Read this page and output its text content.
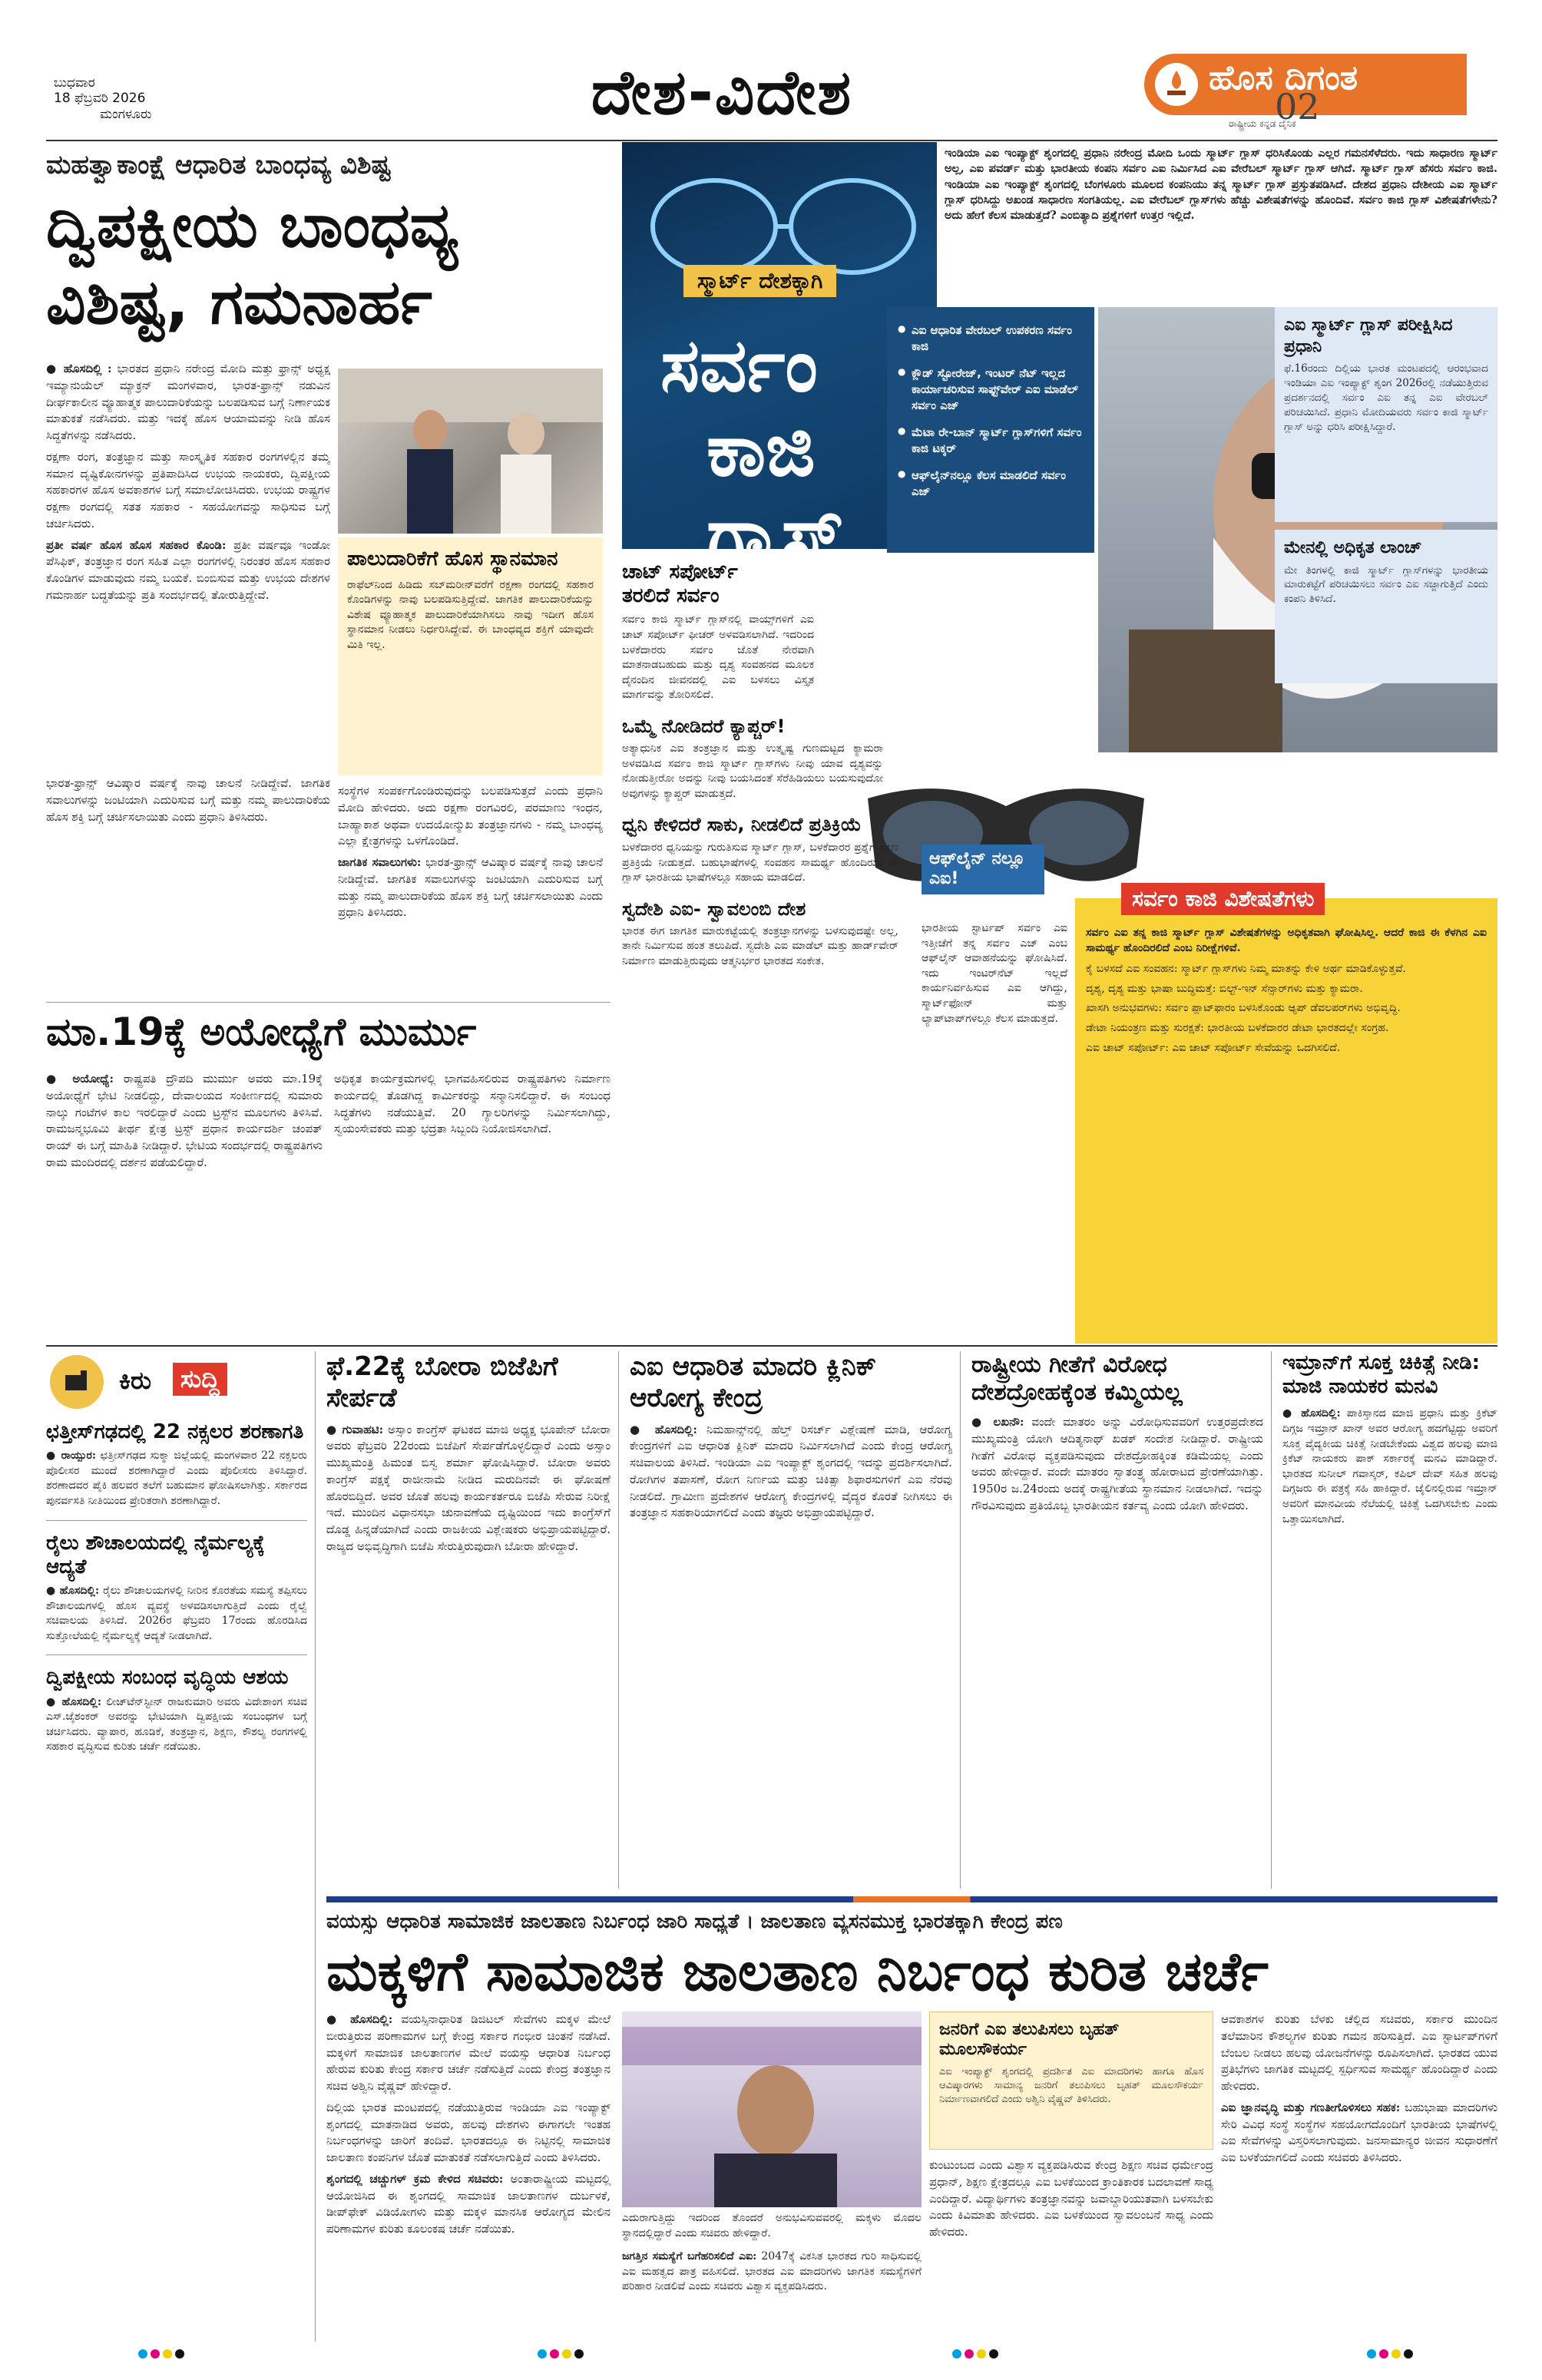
ಬುಧವಾರ
18 ಫೆಬ್ರವರಿ 2026
ಮಂಗಳೂರು	ದೇಶ-ವಿದೇಶ	ಹೊಸ ದಿಗಂತ
ರಾಷ್ಟ್ರೀಯ ಕನ್ನಡ ದೈನಿಕ
02
ಮಹತ್ವಾಕಾಂಕ್ಷೆ ಆಧಾರಿತ ಬಾಂಧವ್ಯ ವಿಶಿಷ್ಟ
ದ್ವಿಪಕ್ಷೀಯ ಬಾಂಧವ್ಯ
ವಿಶಿಷ್ಟ, ಗಮನಾರ್ಹ

● ಹೊಸದಿಲ್ಲಿ : ಭಾರತದ ಪ್ರಧಾನಿ ನರೇಂದ್ರ ಮೋದಿ ಮತ್ತು ಫ್ರಾನ್ಸ್ ಅಧ್ಯಕ್ಷ ಇಮ್ಯಾನುಯೆಲ್ ಮ್ಯಾಕ್ರನ್ ಮಂಗಳವಾರ, ಭಾರತ-ಫ್ರಾನ್ಸ್ ನಡುವಿನ ದೀರ್ಘಕಾಲೀನ ವ್ಯೂಹಾತ್ಮಕ ಪಾಲುದಾರಿಕೆಯನ್ನು ಬಲಪಡಿಸುವ ಬಗ್ಗೆ ನಿರ್ಣಾಯಕ ಮಾತುಕತೆ ನಡೆಸಿದರು. ಮತ್ತು ಇದಕ್ಕೆ ಹೊಸ ಆಯಾಮವನ್ನು ನೀಡಿ ಹೊಸ ಸಿದ್ಧತೆಗಳನ್ನು ನಡೆಸಿದರು.

ರಕ್ಷಣಾ ರಂಗ, ತಂತ್ರಜ್ಞಾನ ಮತ್ತು ಸಾಂಸ್ಕೃತಿಕ ಸಹಕಾರ ರಂಗಗಳಲ್ಲಿನ ತಮ್ಮ ಸಮಾನ ದೃಷ್ಟಿಕೋನಗಳನ್ನು ಪ್ರತಿಪಾದಿಸಿದ ಉಭಯ ನಾಯಕರು, ದ್ವಿಪಕ್ಷೀಯ ಸಹಕಾರಗಳ ಹೊಸ ಅವಕಾಶಗಳ ಬಗ್ಗೆ ಸಮಾಲೋಚಿಸಿದರು. ಉಭಯ ರಾಷ್ಟ್ರಗಳ ರಕ್ಷಣಾ ರಂಗದಲ್ಲಿ ಸತತ ಸಹಕಾರ - ಸಹಯೋಗವನ್ನು ಸಾಧಿಸುವ ಬಗ್ಗೆ ಚರ್ಚಿಸಿದರು.

ಪ್ರತೀ ವರ್ಷ ಹೊಸ ಹೊಸ ಸಹಕಾರ ಕೊಂಡಿ: ಪ್ರತೀ ವರ್ಷವೂ ಇಂಡೋ ಪೆಸಿಫಿಕ್, ತಂತ್ರಜ್ಞಾನ ರಂಗ ಸಹಿತ ಎಲ್ಲಾ ರಂಗಗಳಲ್ಲಿ ನಿರಂತರ ಹೊಸ ಸಹಕಾರ ಕೊಂಡಿಗಳ ಮಾಡುವುದು ನಮ್ಮ ಬಯಕೆ. ಬಿಂಬಿಸುವ ಮತ್ತು ಉಭಯ ದೇಶಗಳ ಗಮನಾರ್ಹ ಬದ್ಧತೆಯನ್ನು ಪ್ರತಿ ಸಂದರ್ಭದಲ್ಲಿ ತೋರುತ್ತಿದ್ದೇವೆ.

ಪಾಲುದಾರಿಕೆಗೆ ಹೊಸ ಸ್ಥಾನಮಾನ
ರಾಫೆಲ್‌ನಿಂದ ಹಿಡಿದು ಸಬ್‌ಮರೀನ್‌ವರೆಗೆ ರಕ್ಷಣಾ ರಂಗದಲ್ಲಿ ಸಹಕಾರ ಕೊಂಡಿಗಳನ್ನು ನಾವು ಬಲಪಡಿಸುತ್ತಿದ್ದೇವೆ. ಜಾಗತಿಕ ಪಾಲುದಾರಿಕೆಯನ್ನು ವಿಶೇಷ ವ್ಯೂಹಾತ್ಮಕ ಪಾಲುದಾರಿಕೆಯಾಗಿಸಲು ನಾವು ಇದೀಗ ಹೊಸ ಸ್ಥಾನಮಾನ ನೀಡಲು ನಿರ್ಧರಿಸಿದ್ದೇವೆ. ಈ ಬಾಂಧವ್ಯದ ಶಕ್ತಿಗೆ ಯಾವುದೇ ಮಿತಿ ಇಲ್ಲ.

ಸಂಸ್ಥೆಗಳ ಸಂಪರ್ಕಗೊಂಡಿರುವುದನ್ನು ಬಲಪಡಿಸುತ್ತದೆ ಎಂದು ಪ್ರಧಾನಿ ಮೋದಿ ಹೇಳಿದರು. ಅದು ರಕ್ಷಣಾ ರಂಗವಿರಲಿ, ಪರಮಾಣು ಇಂಧನ, ಬಾಹ್ಯಾಕಾಶ ಅಥವಾ ಉದಯೋನ್ಮುಖ ತಂತ್ರಜ್ಞಾನಗಳು - ನಮ್ಮ ಬಾಂಧವ್ಯ ಎಲ್ಲಾ ಕ್ಷೇತ್ರಗಳನ್ನು ಒಳಗೊಂಡಿದೆ.

ಜಾಗತಿಕ ಸವಾಲುಗಳು: ಭಾರತ-ಫ್ರಾನ್ಸ್ ಆವಿಷ್ಕಾರ ವರ್ಷಕ್ಕೆ ನಾವು ಚಾಲನೆ ನೀಡಿದ್ದೇವೆ. ಜಾಗತಿಕ ಸವಾಲುಗಳನ್ನು ಜಂಟಿಯಾಗಿ ಎದುರಿಸುವ ಬಗ್ಗೆ ಮತ್ತು ನಮ್ಮ ಪಾಲುದಾರಿಕೆಯ ಹೊಸ ಶಕ್ತಿ ಬಗ್ಗೆ ಚರ್ಚಿಸಲಾಯಿತು ಎಂದು ಪ್ರಧಾನಿ ತಿಳಿಸಿದರು.

ಭಾರತ-ಫ್ರಾನ್ಸ್ ಆವಿಷ್ಕಾರ ವರ್ಷಕ್ಕೆ ನಾವು ಚಾಲನೆ ನೀಡಿದ್ದೇವೆ. ಜಾಗತಿಕ ಸವಾಲುಗಳನ್ನು ಜಂಟಿಯಾಗಿ ಎದುರಿಸುವ ಬಗ್ಗೆ ಮತ್ತು ನಮ್ಮ ಪಾಲುದಾರಿಕೆಯ ಹೊಸ ಶಕ್ತಿ ಬಗ್ಗೆ ಚರ್ಚಿಸಲಾಯಿತು ಎಂದು ಪ್ರಧಾನಿ ತಿಳಿಸಿದರು.

ಸ್ಮಾರ್ಟ್ ದೇಶಕ್ಕಾಗಿ
ಸರ್ವಂ
ಕಾಜಿ
ಗ್ಲಾಸ್
● ಎಐ ಆಧಾರಿತ ವೇರಬಲ್ ಉಪಕರಣ ಸರ್ವಂ ಕಾಜಿ
● ಕ್ಲೌಡ್ ಸ್ಟೋರೇಜ್, ಇಂಟರ್ ನೆಟ್ ಇಲ್ಲದ ಕಾರ್ಯಾಚರಿಸುವ ಸಾಫ್ಟ್‌ವೇರ್ ಎಐ ಮಾಡೆಲ್ ಸರ್ವಂ ಎಜ್
● ಮೆಟಾ ರೇ-ಬಾನ್ ಸ್ಮಾರ್ಟ್ ಗ್ಲಾಸ್‌ಗಳಿಗೆ ಸರ್ವಂ ಕಾಜಿ ಟಕ್ಕರ್
● ಆಫ್‌ಲೈನ್‌ನಲ್ಲೂ ಕೆಲಸ ಮಾಡಲಿದೆ ಸರ್ವಂ ಎಜ್
ಇಂಡಿಯಾ ಎಐ ಇಂಪ್ಯಾಕ್ಟ್ ಶೃಂಗದಲ್ಲಿ ಪ್ರಧಾನಿ ನರೇಂದ್ರ ಮೋದಿ ಒಂದು ಸ್ಮಾರ್ಟ್ ಗ್ಲಾಸ್ ಧರಿಸಿಕೊಂಡು ಎಲ್ಲರ ಗಮನಸೆಳೆದರು. ಇದು ಸಾಧಾರಣ ಸ್ಮಾರ್ಟ್ ಅಲ್ಲ, ಎಐ ಪವರ್ಡ್ ಮತ್ತು ಭಾರತೀಯ ಕಂಪನಿ ಸರ್ವಂ ಎಐ ನಿರ್ಮಿಸಿದ ಎಐ ವೇರೆಬಲ್ ಸ್ಮಾರ್ಟ್ ಗ್ಲಾಸ್ ಆಗಿದೆ. ಸ್ಮಾರ್ಟ್ ಗ್ಲಾಸ್ ಹೆಸರು ಸರ್ವಂ ಕಾಜಿ. ಇಂಡಿಯಾ ಎಐ ಇಂಪ್ಯಾಕ್ಟ್ ಶೃಂಗದಲ್ಲಿ ಬೆಂಗಳೂರು ಮೂಲದ ಕಂಪನಿಯು ತನ್ನ ಸ್ಮಾರ್ಟ್ ಗ್ಲಾಸ್ ಪ್ರಸ್ತುತಪಡಿಸಿದೆ. ದೇಶದ ಪ್ರಧಾನಿ ದೇಶೀಯ ಎಐ ಸ್ಮಾರ್ಟ್ ಗ್ಲಾಸ್ ಧರಿಸಿದ್ದು ಅಖಂಡ ಸಾಧಾರಣ ಸಂಗತಿಯಲ್ಲ. ಎಐ ವೇರೆಬಲ್ ಗ್ಲಾಸ್‌ಗಳು ಹೆಚ್ಚು ವಿಶೇಷತೆಗಳನ್ನು ಹೊಂದಿವೆ. ಸರ್ವಂ ಕಾಜಿ ಗ್ಲಾಸ್ ವಿಶೇಷತೆಗಳೇನು? ಅದು ಹೇಗೆ ಕೆಲಸ ಮಾಡುತ್ತದೆ? ಎಂಬಿತ್ಯಾದಿ ಪ್ರಶ್ನೆಗಳಿಗೆ ಉತ್ತರ ಇಲ್ಲಿದೆ.
ಎಐ ಸ್ಮಾರ್ಟ್ ಗ್ಲಾಸ್ ಪರೀಕ್ಷಿಸಿದ ಪ್ರಧಾನಿ
ಫೆ.16ರಂದು ದಿಲ್ಲಿಯ ಭಾರತ ಮಂಟಪದಲ್ಲಿ ಆರಂಭವಾದ ಇಂಡಿಯಾ ಎಐ ಇಂಪ್ಯಾಕ್ಟ್ ಶೃಂಗ 2026ರಲ್ಲಿ ನಡೆಯುತ್ತಿರುವ ಪ್ರದರ್ಶನದಲ್ಲಿ ಸರ್ವಂ ಎಐ ತನ್ನ ಎಐ ವೇರಬಲ್ ಪರಿಚಯಿಸಿದೆ. ಪ್ರಧಾನಿ ಮೋದಿಯವರು ಸರ್ವಂ ಕಾಜಿ ಸ್ಮಾರ್ಟ್ ಗ್ಲಾಸ್ ಅನ್ನು ಧರಿಸಿ ಪರೀಕ್ಷಿಸಿದ್ದಾರೆ.
ಮೇನಲ್ಲಿ ಅಧಿಕೃತ ಲಾಂಚ್
ಮೇ ತಿಂಗಳಲ್ಲಿ ಕಾಜಿ ಸ್ಮಾರ್ಟ್ ಗ್ಲಾಸ್‌ಗಳನ್ನು ಭಾರತೀಯ ಮಾರುಕಟ್ಟೆಗೆ ಪರಿಚಯಿಸಲು ಸರ್ವಂ ಎಐ ಸಜ್ಜಾಗುತ್ತಿದೆ ಎಂದು ಕಂಪನಿ ತಿಳಿಸಿದೆ.
ಚಾಟ್ ಸಪೋರ್ಟ್ ತರಲಿದೆ ಸರ್ವಂ
ಸರ್ವಂ ಕಾಜಿ ಸ್ಮಾರ್ಟ್ ಗ್ಲಾಸ್‌ನಲ್ಲಿ ವಾಯ್ಸ್‌ಗಳಿಗೆ ಎಐ ಚಾಟ್ ಸಪೋರ್ಟ್ ಫೀಚರ್ ಅಳವಡಿಸಲಾಗಿದೆ. ಇದರಿಂದ ಬಳಕೆದಾರರು ಸರ್ವಂ ಜೊತೆ ನೇರವಾಗಿ ಮಾತನಾಡಬಹುದು ಮತ್ತು ದೃಶ್ಯ ಸಂವಹನದ ಮೂಲಕ ದೈನಂದಿನ ಜೀವನದಲ್ಲಿ ಎಐ ಬಳಸಲು ವಿಸ್ತೃತ ಮಾರ್ಗವನ್ನು ತೋರಿಸಲಿದೆ.
ಒಮ್ಮೆ ನೋಡಿದರೆ ಕ್ಯಾಪ್ಚರ್!
ಅತ್ಯಾಧುನಿಕ ಎಐ ತಂತ್ರಜ್ಞಾನ ಮತ್ತು ಉತ್ಕೃಷ್ಟ ಗುಣಮಟ್ಟದ ಕ್ಯಾಮರಾ ಅಳವಡಿಸಿದ ಸರ್ವಂ ಕಾಜಿ ಸ್ಮಾರ್ಟ್ ಗ್ಲಾಸ್‌ಗಳು ನೀವು ಯಾವ ದೃಶ್ಯವನ್ನು ನೋಡುತ್ತೀರೋ ಅದನ್ನು ನೀವು ಬಯಸಿದಂತೆ ಸೆರೆಹಿಡಿಯಲು ಬಯಸುವುದೋ ಅವುಗಳನ್ನು ಕ್ಯಾಪ್ಚರ್ ಮಾಡುತ್ತದೆ.
ಧ್ವನಿ ಕೇಳಿದರೆ ಸಾಕು, ನೀಡಲಿದೆ ಪ್ರತಿಕ್ರಿಯೆ
ಬಳಕೆದಾರರ ಧ್ವನಿಯನ್ನು ಗುರುತಿಸುವ ಸ್ಮಾರ್ಟ್ ಗ್ಲಾಸ್, ಬಳಕೆದಾರರ ಪ್ರಶ್ನೆಗೆ ತಕ್ಷಣ ಪ್ರತಿಕ್ರಿಯೆ ನೀಡುತ್ತದೆ. ಬಹುಭಾಷೆಗಳಲ್ಲಿ ಸಂವಹನ ಸಾಮರ್ಥ್ಯ ಹೊಂದಿರುವ ಈ ಗ್ಲಾಸ್ ಭಾರತೀಯ ಭಾಷೆಗಳಲ್ಲೂ ಸಹಾಯ ಮಾಡಲಿದೆ.
ಸ್ವದೇಶಿ ಎಐ- ಸ್ವಾವಲಂಬಿ ದೇಶ
ಭಾರತ ಈಗ ಜಾಗತಿಕ ಮಾರುಕಟ್ಟೆಯಲ್ಲಿ ತಂತ್ರಜ್ಞಾನಗಳನ್ನು ಬಳಸುವುದಷ್ಟೇ ಅಲ್ಲ, ತಾನೇ ನಿರ್ಮಿಸುವ ಹಂತ ತಲುಪಿದೆ. ಸ್ವದೇಶಿ ಎಐ ಮಾಡೆಲ್ ಮತ್ತು ಹಾರ್ಡ್‌ವೇರ್ ನಿರ್ಮಾಣ ಮಾಡುತ್ತಿರುವುದು ಆತ್ಮನಿರ್ಭರ ಭಾರತದ ಸಂಕೇತ.
ಆಫ್‌ಲೈನ್ ನಲ್ಲೂ ಎಐ!
ಭಾರತೀಯ ಸ್ಟಾರ್ಟಪ್ ಸರ್ವಂ ಎಐ ಇತ್ತೀಚೆಗೆ ತನ್ನ ಸರ್ವಂ ಎಜ್ ಎಂಬ ಆಫ್‌ಲೈನ್ ಆವಾಹನೆಯನ್ನು ಘೋಷಿಸಿದೆ. ಇದು ಇಂಟರ್‌ನೆಟ್ ಇಲ್ಲದೆ ಕಾರ್ಯನಿರ್ವಹಿಸುವ ಎಐ ಆಗಿದ್ದು, ಸ್ಮಾರ್ಟ್‌ಫೋನ್ ಮತ್ತು ಲ್ಯಾಪ್‌ಟಾಪ್‌ಗಳಲ್ಲೂ ಕೆಲಸ ಮಾಡುತ್ತದೆ.
ಸರ್ವಂ ಕಾಜಿ ವಿಶೇಷತೆಗಳು
ಸರ್ವಂ ಎಐ ತನ್ನ ಕಾಜಿ ಸ್ಮಾರ್ಟ್ ಗ್ಲಾಸ್ ವಿಶೇಷತೆಗಳನ್ನು ಅಧಿಕೃತವಾಗಿ ಘೋಷಿಸಿಲ್ಲ. ಆದರೆ ಕಾಜಿ ಈ ಕೆಳಗಿನ ಎಐ ಸಾಮರ್ಥ್ಯ ಹೊಂದಿರಲಿದೆ ಎಂಬ ನಿರೀಕ್ಷೆಗಳಿವೆ.

ಕೈ ಬಳಸದೆ ಎಐ ಸಂವಹನ: ಸ್ಮಾರ್ಟ್ ಗ್ಲಾಸ್‌ಗಳು ನಿಮ್ಮ ಮಾತನ್ನು ಕೇಳಿ ಅರ್ಥ ಮಾಡಿಕೊಳ್ಳುತ್ತವೆ.

ದೃಶ್ಯ, ದೃಶ್ಯ ಮತ್ತು ಭಾಷಾ ಬುದ್ಧಿಮತ್ತೆ: ಬಿಲ್ಟ್-ಇನ್ ಸೆನ್ಸಾರ್‌ಗಳು ಮತ್ತು ಕ್ಯಾಮರಾ.

ಖಾಸಗಿ ಅನುಭವಗಳು: ಸರ್ವಂ ಪ್ಲಾಟ್‌ಫಾರಂ ಬಳಸಿಕೊಂಡು ಆ್ಯಪ್ ಡೆವಲಪರ್‌ಗಳು ಅಭಿವೃದ್ಧಿ.

ಡೇಟಾ ನಿಯಂತ್ರಣ ಮತ್ತು ಸುರಕ್ಷತೆ: ಭಾರತೀಯ ಬಳಕೆದಾರರ ಡೇಟಾ ಭಾರತದಲ್ಲೇ ಸಂಗ್ರಹ.

ಎಐ ಚಾಟ್ ಸಪೋರ್ಟ್: ಎಐ ಚಾಟ್ ಸಪೋರ್ಟ್ ಸೇವೆಯನ್ನು ಒದಗಿಸಲಿದೆ.

ಮಾ.19ಕ್ಕೆ ಅಯೋಧ್ಯೆಗೆ ಮುರ್ಮು
● ಅಯೋಧ್ಯೆ: ರಾಷ್ಟ್ರಪತಿ ದ್ರೌಪದಿ ಮುರ್ಮು ಅವರು ಮಾ.19ಕ್ಕೆ ಅಯೋಧ್ಯೆಗೆ ಭೇಟಿ ನೀಡಲಿದ್ದು, ದೇವಾಲಯದ ಸಂಕೀರ್ಣದಲ್ಲಿ ಸುಮಾರು ನಾಲ್ಕು ಗಂಟೆಗಳ ಕಾಲ ಇರಲಿದ್ದಾರೆ ಎಂದು ಟ್ರಸ್ಟ್‌ನ ಮೂಲಗಳು ತಿಳಿಸಿವೆ. ರಾಮಜನ್ಮಭೂಮಿ ತೀರ್ಥ ಕ್ಷೇತ್ರ ಟ್ರಸ್ಟ್ ಪ್ರಧಾನ ಕಾರ್ಯದರ್ಶಿ ಚಂಪತ್ ರಾಯ್ ಈ ಬಗ್ಗೆ ಮಾಹಿತಿ ನೀಡಿದ್ದಾರೆ. ಭೇಟಿಯ ಸಂದರ್ಭದಲ್ಲಿ ರಾಷ್ಟ್ರಪತಿಗಳು ರಾಮ ಮಂದಿರದಲ್ಲಿ ದರ್ಶನ ಪಡೆಯಲಿದ್ದಾರೆ.
ಅಧಿಕೃತ ಕಾರ್ಯಕ್ರಮಗಳಲ್ಲಿ ಭಾಗವಹಿಸಲಿರುವ ರಾಷ್ಟ್ರಪತಿಗಳು ನಿರ್ಮಾಣ ಕಾರ್ಯದಲ್ಲಿ ತೊಡಗಿದ್ದ ಕಾರ್ಮಿಕರನ್ನು ಸನ್ಮಾನಿಸಲಿದ್ದಾರೆ. ಈ ಸಂಬಂಧ ಸಿದ್ಧತೆಗಳು ನಡೆಯುತ್ತಿವೆ. 20 ಗ್ಯಾಲರಿಗಳನ್ನು ನಿರ್ಮಿಸಲಾಗಿದ್ದು, ಸ್ವಯಂಸೇವಕರು ಮತ್ತು ಭದ್ರತಾ ಸಿಬ್ಬಂದಿ ನಿಯೋಜಿಸಲಾಗಿದೆ.
ಕಿರು	ಸುದ್ದಿ
ಛತ್ತೀಸ್‌ಗಢದಲ್ಲಿ 22 ನಕ್ಸಲರ ಶರಣಾಗತಿ
● ರಾಯ್ಪುರ: ಛತ್ತೀಸ್‌ಗಢದ ಸುಕ್ಮಾ ಜಿಲ್ಲೆಯಲ್ಲಿ ಮಂಗಳವಾರ 22 ನಕ್ಸಲರು ಪೊಲೀಸರ ಮುಂದೆ ಶರಣಾಗಿದ್ದಾರೆ ಎಂದು ಪೊಲೀಸರು ತಿಳಿಸಿದ್ದಾರೆ. ಶರಣಾದವರ ಪೈಕಿ ಹಲವರ ತಲೆಗೆ ಬಹುಮಾನ ಘೋಷಿಸಲಾಗಿತ್ತು. ಸರ್ಕಾರದ ಪುನರ್ವಸತಿ ನೀತಿಯಿಂದ ಪ್ರೇರಿತರಾಗಿ ಶರಣಾಗಿದ್ದಾರೆ.
ರೈಲು ಶೌಚಾಲಯದಲ್ಲಿ ನೈರ್ಮಲ್ಯಕ್ಕೆ ಆದ್ಯತೆ
● ಹೊಸದಿಲ್ಲಿ: ರೈಲು ಶೌಚಾಲಯಗಳಲ್ಲಿ ನೀರಿನ ಕೊರತೆಯ ಸಮಸ್ಯೆ ತಪ್ಪಿಸಲು ಶೌಚಾಲಯಗಳಲ್ಲಿ ಹೊಸ ವ್ಯವಸ್ಥೆ ಅಳವಡಿಸಲಾಗುತ್ತಿದೆ ಎಂದು ರೈಲ್ವೆ ಸಚಿವಾಲಯ ತಿಳಿಸಿದೆ. 2026ರ ಫೆಬ್ರವರಿ 17ರಂದು ಹೊರಡಿಸಿದ ಸುತ್ತೋಲೆಯಲ್ಲಿ ನೈರ್ಮಲ್ಯಕ್ಕೆ ಆದ್ಯತೆ ನೀಡಲಾಗಿದೆ.
ದ್ವಿಪಕ್ಷೀಯ ಸಂಬಂಧ ವೃದ್ಧಿಯ ಆಶಯ
● ಹೊಸದಿಲ್ಲಿ: ಲೀಚ್‌ಟೆನ್‌ಸ್ಟೀನ್ ರಾಜಕುಮಾರಿ ಅವರು ವಿದೇಶಾಂಗ ಸಚಿವ ಎಸ್.ಜೈಶಂಕರ್ ಅವರನ್ನು ಭೇಟಿಯಾಗಿ ದ್ವಿಪಕ್ಷೀಯ ಸಂಬಂಧಗಳ ಬಗ್ಗೆ ಚರ್ಚಿಸಿದರು. ವ್ಯಾಪಾರ, ಹೂಡಿಕೆ, ತಂತ್ರಜ್ಞಾನ, ಶಿಕ್ಷಣ, ಕೌಶಲ್ಯ ರಂಗಗಳಲ್ಲಿ ಸಹಕಾರ ವೃದ್ಧಿಸುವ ಕುರಿತು ಚರ್ಚೆ ನಡೆಯಿತು.
ಫೆ.22ಕ್ಕೆ ಬೋರಾ ಬಿಜೆಪಿಗೆ ಸೇರ್ಪಡೆ
● ಗುವಾಹಟಿ: ಅಸ್ಸಾಂ ಕಾಂಗ್ರೆಸ್ ಘಟಕದ ಮಾಜಿ ಅಧ್ಯಕ್ಷ ಭೂಪೇನ್ ಬೋರಾ ಅವರು ಫೆಬ್ರವರಿ 22ರಂದು ಬಿಜೆಪಿಗೆ ಸೇರ್ಪಡೆಗೊಳ್ಳಲಿದ್ದಾರೆ ಎಂದು ಅಸ್ಸಾಂ ಮುಖ್ಯಮಂತ್ರಿ ಹಿಮಂತ ಬಿಸ್ವ ಶರ್ಮಾ ಘೋಷಿಸಿದ್ದಾರೆ. ಬೋರಾ ಅವರು ಕಾಂಗ್ರೆಸ್ ಪಕ್ಷಕ್ಕೆ ರಾಜೀನಾಮೆ ನೀಡಿದ ಮರುದಿನವೇ ಈ ಘೋಷಣೆ ಹೊರಬಿದ್ದಿದೆ. ಅವರ ಜೊತೆ ಹಲವು ಕಾರ್ಯಕರ್ತರೂ ಬಿಜೆಪಿ ಸೇರುವ ನಿರೀಕ್ಷೆ ಇದೆ. ಮುಂದಿನ ವಿಧಾನಸಭಾ ಚುನಾವಣೆಯ ದೃಷ್ಟಿಯಿಂದ ಇದು ಕಾಂಗ್ರೆಸ್‌ಗೆ ದೊಡ್ಡ ಹಿನ್ನಡೆಯಾಗಿದೆ ಎಂದು ರಾಜಕೀಯ ವಿಶ್ಲೇಷಕರು ಅಭಿಪ್ರಾಯಪಟ್ಟಿದ್ದಾರೆ. ರಾಜ್ಯದ ಅಭಿವೃದ್ಧಿಗಾಗಿ ಬಿಜೆಪಿ ಸೇರುತ್ತಿರುವುದಾಗಿ ಬೋರಾ ಹೇಳಿದ್ದಾರೆ.
ಎಐ ಆಧಾರಿತ ಮಾದರಿ ಕ್ಲಿನಿಕ್ ಆರೋಗ್ಯ ಕೇಂದ್ರ
● ಹೊಸದಿಲ್ಲಿ: ನಿಮಹಾನ್ಸ್‌ನಲ್ಲಿ ಹೆಲ್ತ್ ರಿಸರ್ಚ್ ವಿಶ್ಲೇಷಣೆ ಮಾಡಿ, ಆರೋಗ್ಯ ಕೇಂದ್ರಗಳಿಗೆ ಎಐ ಆಧಾರಿತ ಕ್ಲಿನಿಕ್ ಮಾದರಿ ನಿರ್ಮಿಸಲಾಗಿದೆ ಎಂದು ಕೇಂದ್ರ ಆರೋಗ್ಯ ಸಚಿವಾಲಯ ತಿಳಿಸಿದೆ. ಇಂಡಿಯಾ ಎಐ ಇಂಪ್ಯಾಕ್ಟ್ ಶೃಂಗದಲ್ಲಿ ಇದನ್ನು ಪ್ರದರ್ಶಿಸಲಾಗಿದೆ. ರೋಗಿಗಳ ತಪಾಸಣೆ, ರೋಗ ನಿರ್ಣಯ ಮತ್ತು ಚಿಕಿತ್ಸಾ ಶಿಫಾರಸುಗಳಿಗೆ ಎಐ ನೆರವು ನೀಡಲಿದೆ. ಗ್ರಾಮೀಣ ಪ್ರದೇಶಗಳ ಆರೋಗ್ಯ ಕೇಂದ್ರಗಳಲ್ಲಿ ವೈದ್ಯರ ಕೊರತೆ ನೀಗಿಸಲು ಈ ತಂತ್ರಜ್ಞಾನ ಸಹಕಾರಿಯಾಗಲಿದೆ ಎಂದು ತಜ್ಞರು ಅಭಿಪ್ರಾಯಪಟ್ಟಿದ್ದಾರೆ.
ರಾಷ್ಟ್ರೀಯ ಗೀತೆಗೆ ವಿರೋಧ ದೇಶದ್ರೋಹಕ್ಕೆಂತ ಕಮ್ಮಿಯಲ್ಲ
● ಲಖನೌ: ವಂದೇ ಮಾತರಂ ಅನ್ನು ವಿರೋಧಿಸುವವರಿಗೆ ಉತ್ತರಪ್ರದೇಶದ ಮುಖ್ಯಮಂತ್ರಿ ಯೋಗಿ ಆದಿತ್ಯನಾಥ್ ಖಡಕ್ ಸಂದೇಶ ನೀಡಿದ್ದಾರೆ. ರಾಷ್ಟ್ರೀಯ ಗೀತೆಗೆ ವಿರೋಧ ವ್ಯಕ್ತಪಡಿಸುವುದು ದೇಶದ್ರೋಹಕ್ಕಿಂತ ಕಡಿಮೆಯಲ್ಲ ಎಂದು ಅವರು ಹೇಳಿದ್ದಾರೆ. ವಂದೇ ಮಾತರಂ ಸ್ವಾತಂತ್ರ್ಯ ಹೋರಾಟದ ಪ್ರೇರಣೆಯಾಗಿತ್ತು. 1950ರ ಜ.24ರಂದು ಅದಕ್ಕೆ ರಾಷ್ಟ್ರಗೀತೆಯ ಸ್ಥಾನಮಾನ ನೀಡಲಾಗಿದೆ. ಇದನ್ನು ಗೌರವಿಸುವುದು ಪ್ರತಿಯೊಬ್ಬ ಭಾರತೀಯನ ಕರ್ತವ್ಯ ಎಂದು ಯೋಗಿ ಹೇಳಿದರು.
ಇಮ್ರಾನ್‌ಗೆ ಸೂಕ್ತ ಚಿಕಿತ್ಸೆ ನೀಡಿ: ಮಾಜಿ ನಾಯಕರ ಮನವಿ
● ಹೊಸದಿಲ್ಲಿ: ಪಾಕಿಸ್ತಾನದ ಮಾಜಿ ಪ್ರಧಾನಿ ಮತ್ತು ಕ್ರಿಕೆಟ್ ದಿಗ್ಗಜ ಇಮ್ರಾನ್ ಖಾನ್ ಅವರ ಆರೋಗ್ಯ ಹದಗೆಟ್ಟಿದ್ದು ಅವರಿಗೆ ಸೂಕ್ತ ವೈದ್ಯಕೀಯ ಚಿಕಿತ್ಸೆ ನೀಡಬೇಕೆಂದು ವಿಶ್ವದ ಹಲವು ಮಾಜಿ ಕ್ರಿಕೆಟ್ ನಾಯಕರು ಪಾಕ್ ಸರ್ಕಾರಕ್ಕೆ ಮನವಿ ಮಾಡಿದ್ದಾರೆ. ಭಾರತದ ಸುನೀಲ್ ಗವಾಸ್ಕರ್, ಕಪಿಲ್ ದೇವ್ ಸಹಿತ ಹಲವು ದಿಗ್ಗಜರು ಈ ಪತ್ರಕ್ಕೆ ಸಹಿ ಹಾಕಿದ್ದಾರೆ. ಜೈಲಿನಲ್ಲಿರುವ ಇಮ್ರಾನ್ ಅವರಿಗೆ ಮಾನವೀಯ ನೆಲೆಯಲ್ಲಿ ಚಿಕಿತ್ಸೆ ಒದಗಿಸಬೇಕು ಎಂದು ಒತ್ತಾಯಿಸಲಾಗಿದೆ.
ವಯಸ್ಸು ಆಧಾರಿತ ಸಾಮಾಜಿಕ ಜಾಲತಾಣ ನಿರ್ಬಂಧ ಜಾರಿ ಸಾಧ್ಯತೆ । ಜಾಲತಾಣ ವ್ಯಸನಮುಕ್ತ ಭಾರತಕ್ಕಾಗಿ ಕೇಂದ್ರ ಪಣ
ಮಕ್ಕಳಿಗೆ ಸಾಮಾಜಿಕ ಜಾಲತಾಣ ನಿರ್ಬಂಧ ಕುರಿತ ಚರ್ಚೆ

● ಹೊಸದಿಲ್ಲಿ: ವಯಸ್ಸಿನಾಧಾರಿತ ಡಿಜಿಟಲ್ ಸೇವೆಗಳು ಮಕ್ಕಳ ಮೇಲೆ ಬೀರುತ್ತಿರುವ ಪರಿಣಾಮಗಳ ಬಗ್ಗೆ ಕೇಂದ್ರ ಸರ್ಕಾರ ಗಂಭೀರ ಚಿಂತನೆ ನಡೆಸಿದೆ. ಮಕ್ಕಳಿಗೆ ಸಾಮಾಜಿಕ ಜಾಲತಾಣಗಳ ಮೇಲೆ ವಯಸ್ಸು ಆಧಾರಿತ ನಿರ್ಬಂಧ ಹೇರುವ ಕುರಿತು ಕೇಂದ್ರ ಸರ್ಕಾರ ಚರ್ಚೆ ನಡೆಸುತ್ತಿದೆ ಎಂದು ಕೇಂದ್ರ ತಂತ್ರಜ್ಞಾನ ಸಚಿವ ಅಶ್ವಿನಿ ವೈಷ್ಣವ್ ಹೇಳಿದ್ದಾರೆ.

ದಿಲ್ಲಿಯ ಭಾರತ ಮಂಟಪದಲ್ಲಿ ನಡೆಯುತ್ತಿರುವ ಇಂಡಿಯಾ ಎಐ ಇಂಪ್ಯಾಕ್ಟ್ ಶೃಂಗದಲ್ಲಿ ಮಾತನಾಡಿದ ಅವರು, ಹಲವು ದೇಶಗಳು ಈಗಾಗಲೇ ಇಂತಹ ನಿರ್ಬಂಧಗಳನ್ನು ಜಾರಿಗೆ ತಂದಿವೆ. ಭಾರತದಲ್ಲೂ ಈ ನಿಟ್ಟಿನಲ್ಲಿ ಸಾಮಾಜಿಕ ಜಾಲತಾಣ ಕಂಪನಿಗಳ ಜೊತೆ ಮಾತುಕತೆ ನಡೆಸಲಾಗುತ್ತಿದೆ ಎಂದು ತಿಳಿಸಿದರು.

ಶೃಂಗದಲ್ಲಿ ಚಚ್ಚುಗಳ್ ಕ್ರಮ ಕೇಳಿದ ಸಚಿವರು: ಅಂತಾರಾಷ್ಟ್ರೀಯ ಮಟ್ಟದಲ್ಲಿ ಆಯೋಜಿಸಿದ ಈ ಶೃಂಗದಲ್ಲಿ ಸಾಮಾಜಿಕ ಜಾಲತಾಣಗಳ ದುರ್ಬಳಕೆ, ಡೀಪ್‌ಫೇಕ್ ವಿಡಿಯೋಗಳು ಮತ್ತು ಮಕ್ಕಳ ಮಾನಸಿಕ ಆರೋಗ್ಯದ ಮೇಲಿನ ಪರಿಣಾಮಗಳ ಕುರಿತು ಕೂಲಂಕಷ ಚರ್ಚೆ ನಡೆಯಿತು.

ಎದುರಾಗುತ್ತಿದ್ದು ಇದರಿಂದ ತೊಂದರೆ ಅನುಭವಿಸುವವರಲ್ಲಿ ಮಕ್ಕಳು ಮೊದಲ ಸ್ಥಾನದಲ್ಲಿದ್ದಾರೆ ಎಂದು ಸಚಿವರು ಹೇಳಿದ್ದಾರೆ.
ಜಗತ್ತಿನ ಸಮಸ್ಯೆಗೆ ಬಗೆಹರಿಸಲಿದೆ ಎಐ: 2047ಕ್ಕೆ ವಿಕಸಿತ ಭಾರತದ ಗುರಿ ಸಾಧಿಸುವಲ್ಲಿ ಎಐ ಮಹತ್ವದ ಪಾತ್ರ ವಹಿಸಲಿದೆ. ಭಾರತದ ಎಐ ಮಾದರಿಗಳು ಜಾಗತಿಕ ಸಮಸ್ಯೆಗಳಿಗೆ ಪರಿಹಾರ ನೀಡಲಿವೆ ಎಂದು ಸಚಿವರು ವಿಶ್ವಾಸ ವ್ಯಕ್ತಪಡಿಸಿದರು.
ಜನರಿಗೆ ಎಐ ತಲುಪಿಸಲು ಬೃಹತ್ ಮೂಲಸೌಕರ್ಯ
ಎಐ ಇಂಪ್ಯಾಕ್ಟ್ ಶೃಂಗದಲ್ಲಿ ಪ್ರದರ್ಶಿತ ಎಐ ಮಾದರಿಗಳು ಹಾಗೂ ಹೊಸ ಆವಿಷ್ಕಾರಗಳು ಸಾಮಾನ್ಯ ಜನರಿಗೆ ತಲುಪಿಸಲು ಬೃಹತ್ ಮೂಲಸೌಕರ್ಯ ನಿರ್ಮಾಣವಾಗಲಿದೆ ಎಂದು ಅಶ್ವಿನಿ ವೈಷ್ಣವ್ ತಿಳಿಸಿದರು.
ಕುಂಟುಂಬದ ಎಂದು ವಿಶ್ವಾಸ ವ್ಯಕ್ತಪಡಿಸಿರುವ ಕೇಂದ್ರ ಶಿಕ್ಷಣ ಸಚಿವ ಧರ್ಮೇಂದ್ರ ಪ್ರಧಾನ್, ಶಿಕ್ಷಣ ಕ್ಷೇತ್ರದಲ್ಲೂ ಎಐ ಬಳಕೆಯಿಂದ ಕ್ರಾಂತಿಕಾರಕ ಬದಲಾವಣೆ ಸಾಧ್ಯ ಎಂದಿದ್ದಾರೆ. ವಿದ್ಯಾರ್ಥಿಗಳು ತಂತ್ರಜ್ಞಾನವನ್ನು ಜವಾಬ್ದಾರಿಯುತವಾಗಿ ಬಳಸಬೇಕು ಎಂದು ಕಿವಿಮಾತು ಹೇಳಿದರು. ಎಐ ಬಳಕೆಯಿಂದ ಸ್ವಾವಲಂಬನೆ ಸಾಧ್ಯ ಎಂದು ಹೇಳಿದರು.

ಆವಕಾಶಗಳ ಕುರಿತು ಬೆಳಕು ಚೆಲ್ಲಿದ ಸಚಿವರು, ಸರ್ಕಾರ ಮುಂದಿನ ತಲೆಮಾರಿನ ಕೌಶಲ್ಯಗಳ ಕುರಿತು ಗಮನ ಹರಿಸುತ್ತಿದೆ. ಎಐ ಸ್ಟಾರ್ಟಪ್‌ಗಳಿಗೆ ಬೆಂಬಲ ನೀಡಲು ಹಲವು ಯೋಜನೆಗಳನ್ನು ರೂಪಿಸಲಾಗಿದೆ. ಭಾರತದ ಯುವ ಪ್ರತಿಭೆಗಳು ಜಾಗತಿಕ ಮಟ್ಟದಲ್ಲಿ ಸ್ಪರ್ಧಿಸುವ ಸಾಮರ್ಥ್ಯ ಹೊಂದಿದ್ದಾರೆ ಎಂದು ಹೇಳಿದರು.

ಎಐ ಜ್ಞಾನವೃದ್ಧಿ ಮತ್ತು ಗಣತೀಗೊಳಿಸಲು ಸಹಕ: ಬಹುಭಾಷಾ ಮಾದರಿಗಳು ಸೇರಿ ವಿವಿಧ ಸಂಸ್ಥೆ ಸಂಸ್ಥೆಗಳ ಸಹಯೋಗದೊಂದಿಗೆ ಭಾರತೀಯ ಭಾಷೆಗಳಲ್ಲಿ ಎಐ ಸೇವೆಗಳನ್ನು ವಿಸ್ತರಿಸಲಾಗುವುದು. ಜನಸಾಮಾನ್ಯರ ಜೀವನ ಸುಧಾರಣೆಗೆ ಎಐ ಬಳಕೆಯಾಗಲಿದೆ ಎಂದು ಸಚಿವರು ತಿಳಿಸಿದರು.
